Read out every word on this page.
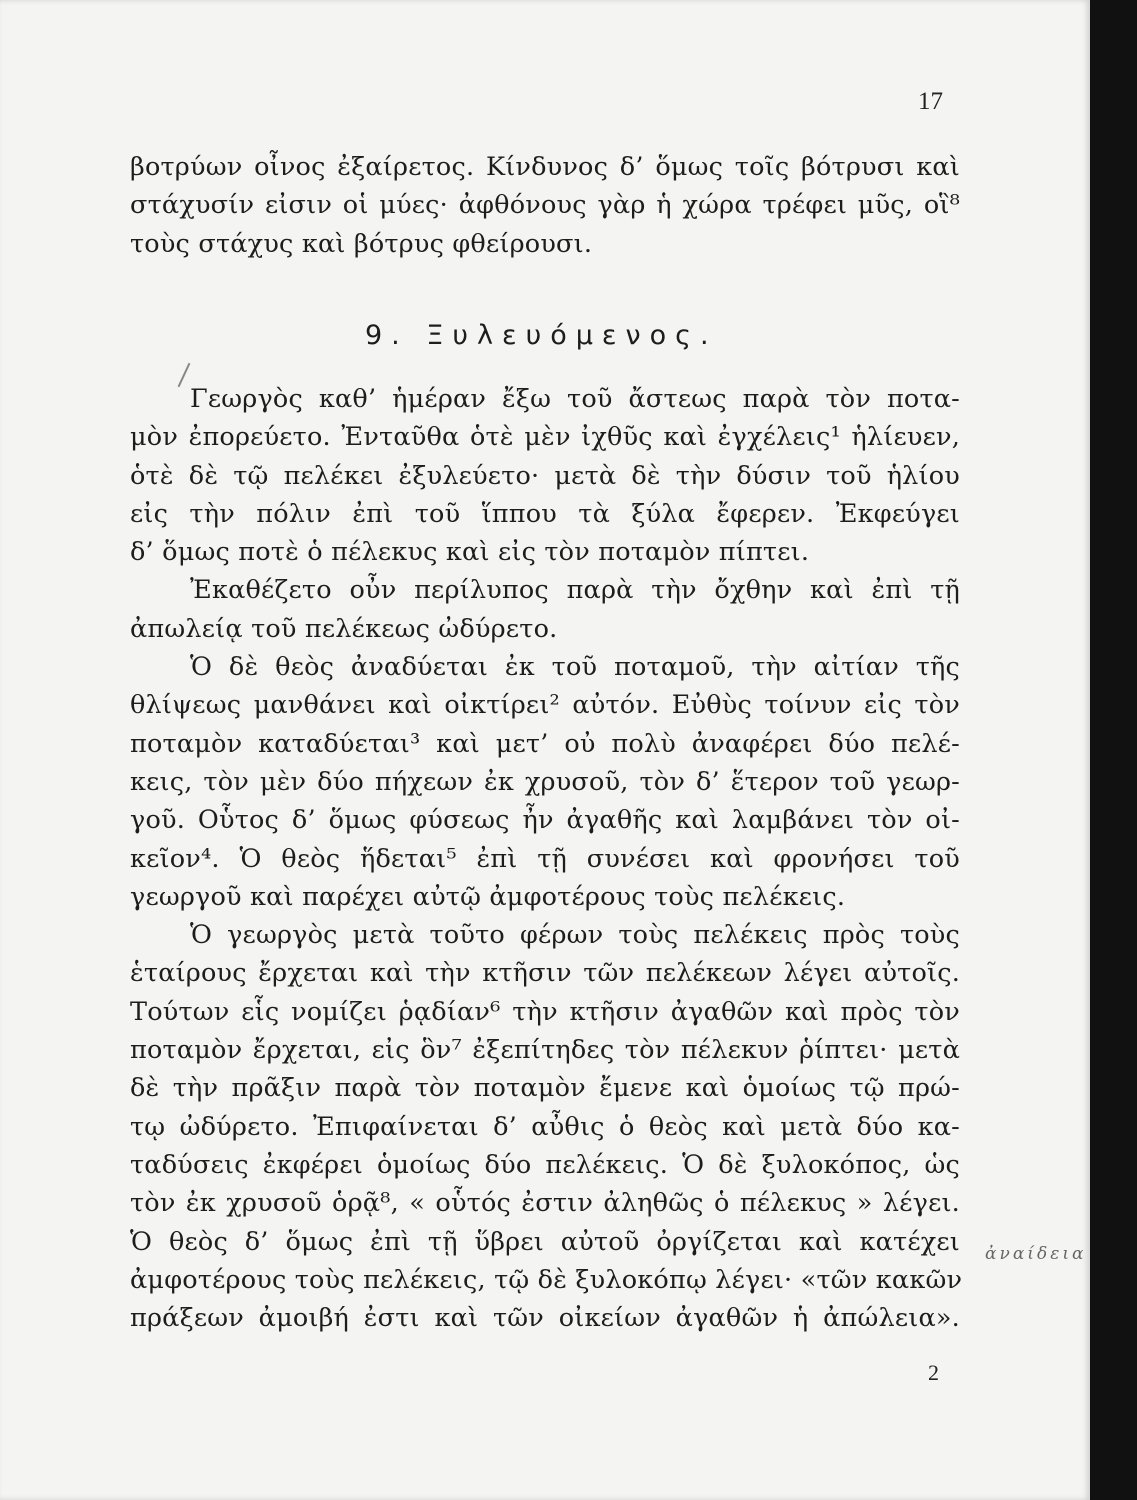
17
βοτρύων οἶνος ἐξαίρετος. Κίνδυνος δ’ ὅμως τοῖς βότρυσι καὶ
στάχυσίν εἰσιν οἱ μύες· ἀφθόνους γὰρ ἡ χώρα τρέφει μῦς, οἳ⁸
τοὺς στάχυς καὶ βότρυς φθείρουσι.
9. Ξυλευόμενος.
Γεωργὸς καθ’ ἡμέραν ἔξω τοῦ ἄστεως παρὰ τὸν ποτα-
μὸν ἐπορεύετο. Ἐνταῦθα ὁτὲ μὲν ἰχθῦς καὶ ἐγχέλεις¹ ἡλίευεν,
ὁτὲ δὲ τῷ πελέκει ἐξυλεύετο· μετὰ δὲ τὴν δύσιν τοῦ ἡλίου
εἰς τὴν πόλιν ἐπὶ τοῦ ἵππου τὰ ξύλα ἔφερεν. Ἐκφεύγει
δ’ ὅμως ποτὲ ὁ πέλεκυς καὶ εἰς τὸν ποταμὸν πίπτει.
Ἐκαθέζετο οὖν περίλυπος παρὰ τὴν ὄχθην καὶ ἐπὶ τῇ
ἀπωλείᾳ τοῦ πελέκεως ὠδύρετο.
Ὁ δὲ θεὸς ἀναδύεται ἐκ τοῦ ποταμοῦ, τὴν αἰτίαν τῆς
θλίψεως μανθάνει καὶ οἰκτίρει² αὐτόν. Εὐθὺς τοίνυν εἰς τὸν
ποταμὸν καταδύεται³ καὶ μετ’ οὐ πολὺ ἀναφέρει δύο πελέ-
κεις, τὸν μὲν δύο πήχεων ἐκ χρυσοῦ, τὸν δ’ ἕτερον τοῦ γεωρ-
γοῦ. Οὗτος δ’ ὅμως φύσεως ἦν ἀγαθῆς καὶ λαμβάνει τὸν οἰ-
κεῖον⁴. Ὁ θεὸς ἥδεται⁵ ἐπὶ τῇ συνέσει καὶ φρονήσει τοῦ
γεωργοῦ καὶ παρέχει αὐτῷ ἀμφοτέρους τοὺς πελέκεις.
Ὁ γεωργὸς μετὰ τοῦτο φέρων τοὺς πελέκεις πρὸς τοὺς
ἑταίρους ἔρχεται καὶ τὴν κτῆσιν τῶν πελέκεων λέγει αὐτοῖς.
Τούτων εἷς νομίζει ῥᾳδίαν⁶ τὴν κτῆσιν ἀγαθῶν καὶ πρὸς τὸν
ποταμὸν ἔρχεται, εἰς ὃν⁷ ἐξεπίτηδες τὸν πέλεκυν ῥίπτει· μετὰ
δὲ τὴν πρᾶξιν παρὰ τὸν ποταμὸν ἔμενε καὶ ὁμοίως τῷ πρώ-
τῳ ὠδύρετο. Ἐπιφαίνεται δ’ αὖθις ὁ θεὸς καὶ μετὰ δύο κα-
ταδύσεις ἐκφέρει ὁμοίως δύο πελέκεις. Ὁ δὲ ξυλοκόπος, ὡς
τὸν ἐκ χρυσοῦ ὁρᾷ⁸, « οὗτός ἐστιν ἀληθῶς ὁ πέλεκυς » λέγει.
Ὁ θεὸς δ’ ὅμως ἐπὶ τῇ ὕβρει αὐτοῦ ὀργίζεται καὶ κατέχει
ἀμφοτέρους τοὺς πελέκεις, τῷ δὲ ξυλοκόπῳ λέγει· «τῶν κακῶν
πράξεων ἀμοιβή ἐστι καὶ τῶν οἰκείων ἀγαθῶν ἡ ἀπώλεια».
ἀναίδεια
2
